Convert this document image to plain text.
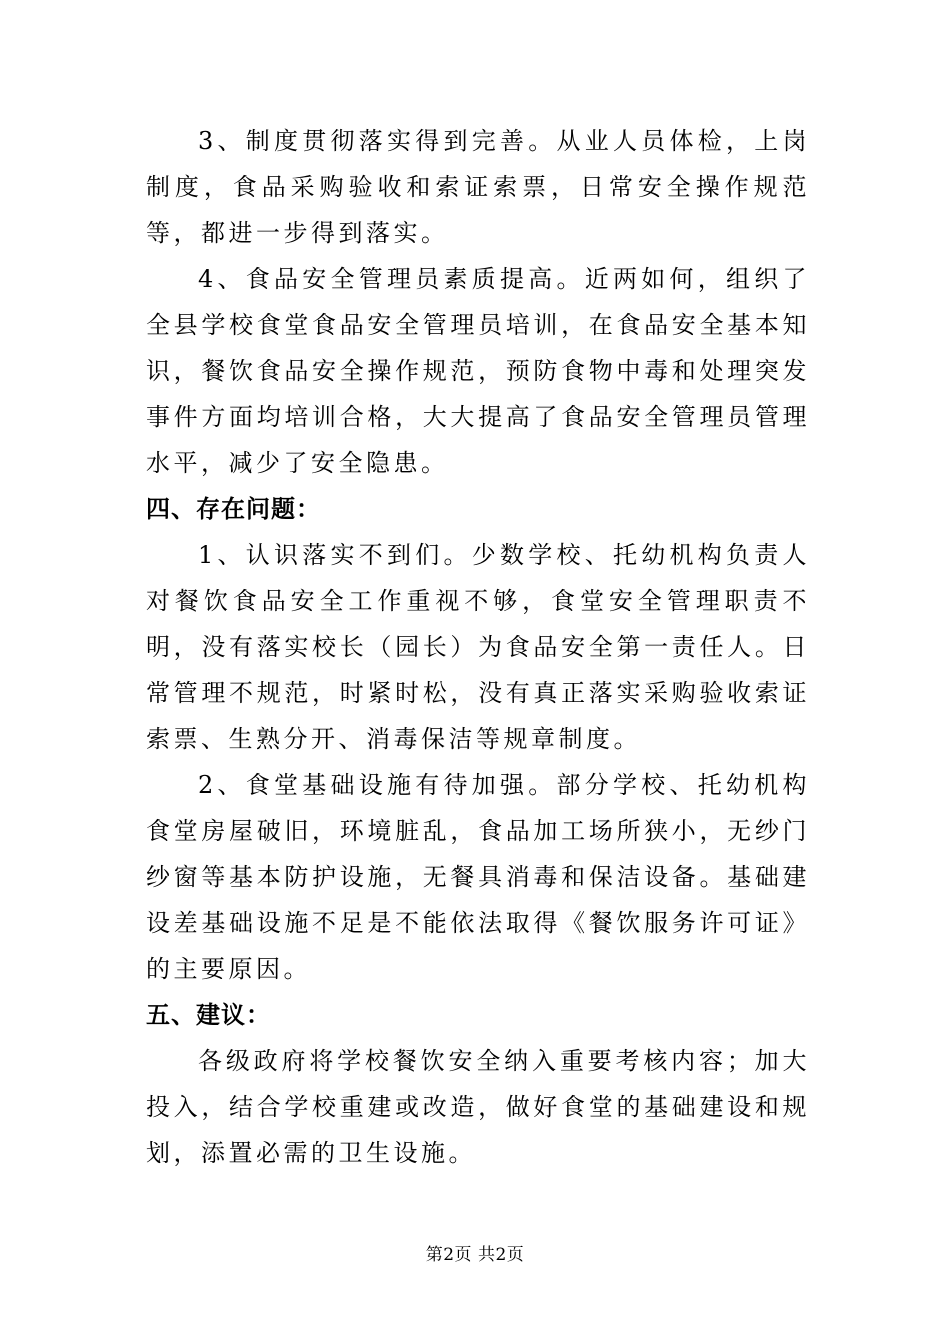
3、制度贯彻落实得到完善。从业人员体检，上岗制度，食品采购验收和索证索票，日常安全操作规范等，都进一步得到落实。

4、食品安全管理员素质提高。近两如何，组织了全县学校食堂食品安全管理员培训，在食品安全基本知识，餐饮食品安全操作规范，预防食物中毒和处理突发事件方面均培训合格，大大提高了食品安全管理员管理水平，减少了安全隐患。

四、存在问题：

1、认识落实不到们。少数学校、托幼机构负责人对餐饮食品安全工作重视不够，食堂安全管理职责不明，没有落实校长（园长）为食品安全第一责任人。日常管理不规范，时紧时松，没有真正落实采购验收索证索票、生熟分开、消毒保洁等规章制度。

2、食堂基础设施有待加强。部分学校、托幼机构食堂房屋破旧，环境脏乱，食品加工场所狭小，无纱门纱窗等基本防护设施，无餐具消毒和保洁设备。基础建设差基础设施不足是不能依法取得《餐饮服务许可证》的主要原因。

五、建议：

各级政府将学校餐饮安全纳入重要考核内容；加大投入，结合学校重建或改造，做好食堂的基础建设和规划，添置必需的卫生设施。

第2页 共2页
